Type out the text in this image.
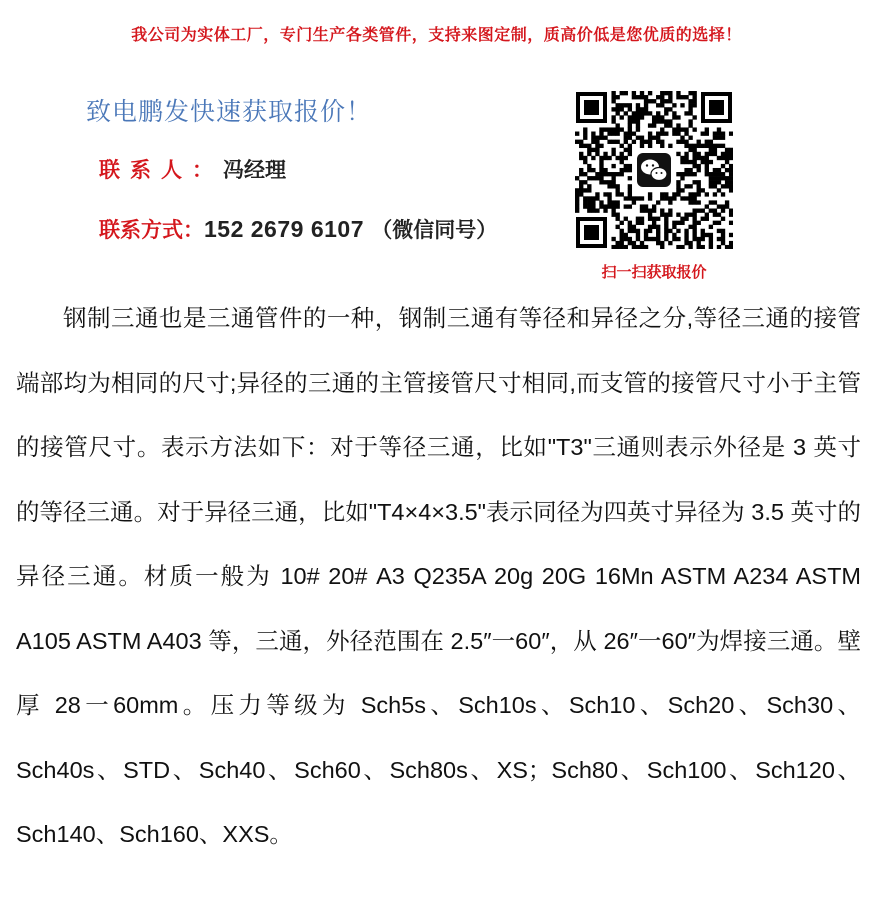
我公司为实体工厂，专门生产各类管件，支持来图定制，质高价低是您优质的选择！
致电鹏发快速获取报价！
联系人：冯经理
联系方式：152 2679 6107 （微信同号）
扫一扫获取报价

钢制三通也是三通管件的一种，钢制三通有等径和异径之分,等径三通的接管端部均为相同的尺寸;异径的三通的主管接管尺寸相同,而支管的接管尺寸小于主管的接管尺寸。表示方法如下：对于等径三通，比如"T3"三通则表示外径是 3 英寸的等径三通。对于异径三通，比如"T4×4×3.5"表示同径为四英寸异径为 3.5 英寸的异径三通。材质一般为 10# 20# A3 Q235A 20g 20G 16Mn ASTM A234 ASTM A105 ASTM A403 等，三通，外径范围在 2.5″一60″，从 26″一60″为焊接三通。壁厚 28一60mm。压力等级为 Sch5s、Sch10s、Sch10、Sch20、Sch30、Sch40s、STD、Sch40、Sch60、Sch80s、XS；Sch80、Sch100、Sch120、Sch140、Sch160、XXS。
